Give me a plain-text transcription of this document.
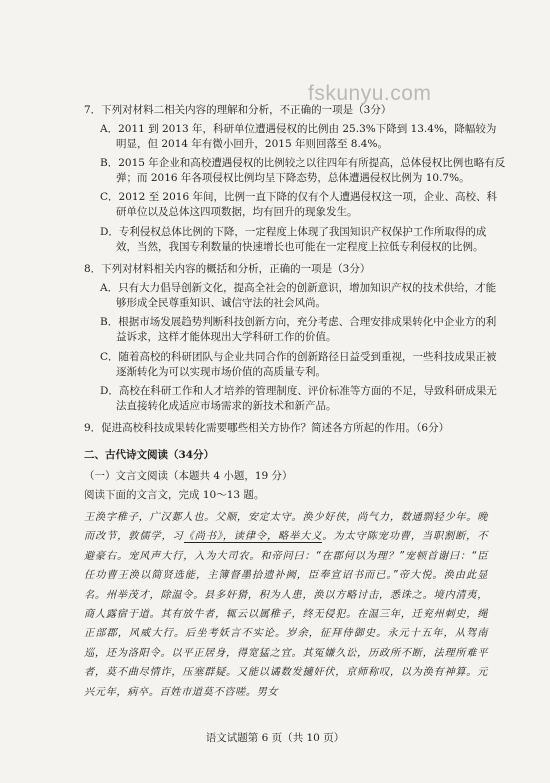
fskunyu.com
7．下列对材料二相关内容的理解和分析，不正确的一项是（3分）
A．2011 到 2013 年，科研单位遭遇侵权的比例由 25.3%下降到 13.4%，降幅较为明显，但 2014 年有微小回升，2015 年则回落至 8.4%。
B．2015 年企业和高校遭遇侵权的比例较之以往四年有所提高，总体侵权比例也略有反弹；而 2016 年各项侵权比例均呈下降态势，总体遭遇侵权比例为 10.7%。
C．2012 至 2016 年间，比例一直下降的仅有个人遭遇侵权这一项，企业、高校、科研单位以及总体这四项数据，均有回升的现象发生。
D．专利侵权总体比例的下降，一定程度上体现了我国知识产权保护工作所取得的成效，当然，我国专利数量的快速增长也可能在一定程度上拉低专利侵权的比例。
8．下列对材料相关内容的概括和分析，正确的一项是（3分）
A．只有大力倡导创新文化，提高全社会的创新意识，增加知识产权的技术供给，才能够形成全民尊重知识、诚信守法的社会风尚。
B．根据市场发展趋势判断科技创新方向，充分考虑、合理安排成果转化中企业方的利益诉求，这样才能体现出大学科研工作的价值。
C．随着高校的科研团队与企业共同合作的创新路径日益受到重视，一些科技成果正被逐渐转化为可以实现市场价值的高质量专利。
D．高校在科研工作和人才培养的管理制度、评价标准等方面的不足，导致科研成果无法直接转化成适应市场需求的新技术和新产品。
9．促进高校科技成果转化需要哪些相关方协作？简述各方所起的作用。（6分）
二、古代诗文阅读（34分）
（一）文言文阅读（本题共 4 小题，19 分）
阅读下面的文言文，完成 10～13 题。
王涣字稚子，广汉郪人也。父顺，安定太守。涣少好侠，尚气力，数通剽轻少年。晚而改节，敦儒学，习《尚书》，读律令，略举大义。为太守陈宠功曹，当职割断，不避豪右。宠风声大行，入为大司农。和帝问曰：“在郡何以为理？”宠顿首谢曰：“臣任功曹王涣以简贤选能，主簿督墨拾遗补阙，臣奉宣诏书而已。”帝大悦。涣由此显名。州举茂才，除温令。县多奸猾，积为人患，涣以方略讨击，悉诛之。境内清夷，商人露宿于道。其有放牛者，辄云以属稚子，终无侵犯。在温三年，迁兖州刺史，绳正部郡，风威大行。后坐考妖言不实论。岁余，征拜侍御史。永元十五年，从驾南巡，还为洛阳令。以平正居身，得宽猛之宜。其冤嫌久讼，历政所不断，法理所难平者，莫不曲尽情诈，压塞群疑。又能以谲数发擿奸伏，京师称叹，以为涣有神算。元兴元年，病卒。百姓市道莫不咨嗟。男女
语文试题第 6 页（共 10 页）
